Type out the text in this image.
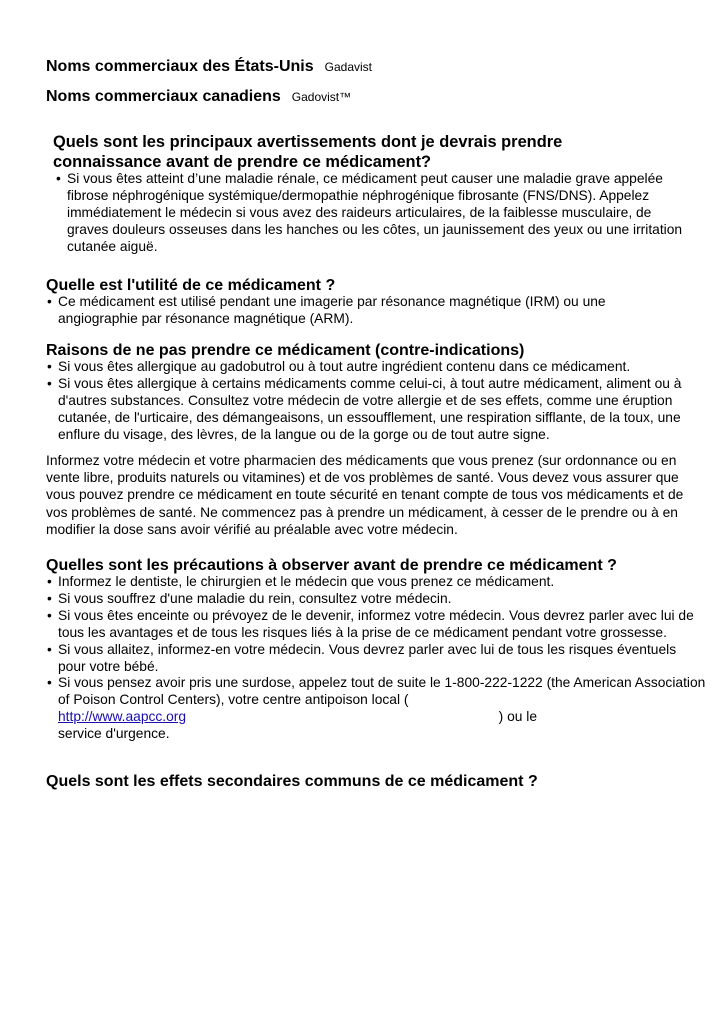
Noms commerciaux des États-Unis Gadavist
Noms commerciaux canadiens Gadovist™
Quels sont les principaux avertissements dont je devrais prendre connaissance avant de prendre ce médicament?
• Si vous êtes atteint d’une maladie rénale, ce médicament peut causer une maladie grave appelée fibrose néphrogénique systémique/dermopathie néphrogénique fibrosante (FNS/DNS). Appelez immédiatement le médecin si vous avez des raideurs articulaires, de la faiblesse musculaire, de graves douleurs osseuses dans les hanches ou les côtes, un jaunissement des yeux ou une irritation cutanée aiguë.
Quelle est l'utilité de ce médicament ?
• Ce médicament est utilisé pendant une imagerie par résonance magnétique (IRM) ou une angiographie par résonance magnétique (ARM).
Raisons de ne pas prendre ce médicament (contre-indications)
• Si vous êtes allergique au gadobutrol ou à tout autre ingrédient contenu dans ce médicament.
• Si vous êtes allergique à certains médicaments comme celui-ci, à tout autre médicament, aliment ou à d'autres substances. Consultez votre médecin de votre allergie et de ses effets, comme une éruption cutanée, de l'urticaire, des démangeaisons, un essoufflement, une respiration sifflante, de la toux, une enflure du visage, des lèvres, de la langue ou de la gorge ou de tout autre signe.

Informez votre médecin et votre pharmacien des médicaments que vous prenez (sur ordonnance ou en vente libre, produits naturels ou vitamines) et de vos problèmes de santé. Vous devez vous assurer que vous pouvez prendre ce médicament en toute sécurité en tenant compte de tous vos médicaments et de vos problèmes de santé. Ne commencez pas à prendre un médicament, à cesser de le prendre ou à en modifier la dose sans avoir vérifié au préalable avec votre médecin.

Quelles sont les précautions à observer avant de prendre ce médicament ?
• Informez le dentiste, le chirurgien et le médecin que vous prenez ce médicament.
• Si vous souffrez d'une maladie du rein, consultez votre médecin.
• Si vous êtes enceinte ou prévoyez de le devenir, informez votre médecin. Vous devrez parler avec lui de tous les avantages et de tous les risques liés à la prise de ce médicament pendant votre grossesse.
• Si vous allaitez, informez-en votre médecin. Vous devrez parler avec lui de tous les risques éventuels pour votre bébé.
• Si vous pensez avoir pris une surdose, appelez tout de suite le 1-800-222-1222 (the American Association of Poison Control Centers), votre centre antipoison local (
http://www.aapcc.org	) ou le
service d'urgence.
Quels sont les effets secondaires communs de ce médicament ?
